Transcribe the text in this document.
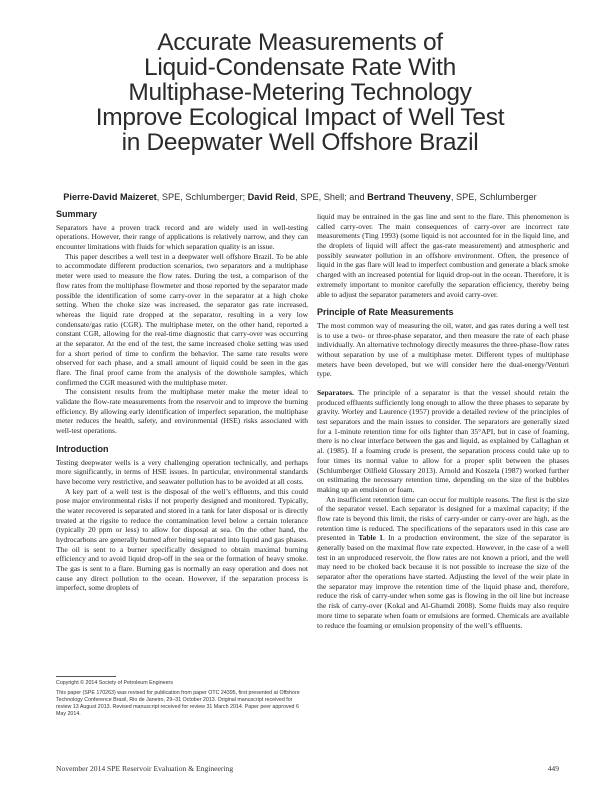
Accurate Measurements of
Liquid-Condensate Rate With
Multiphase-Metering Technology
Improve Ecological Impact of Well Test
in Deepwater Well Offshore Brazil
Pierre-David Maizeret, SPE, Schlumberger; David Reid, SPE, Shell; and Bertrand Theuveny, SPE, Schlumberger
Summary

Separators have a proven track record and are widely used in well-testing operations. However, their range of applications is relatively narrow, and they can encounter limitations with fluids for which separation quality is an issue.

This paper describes a well test in a deepwater well offshore Brazil. To be able to accommodate different production scenarios, two separators and a multiphase meter were used to measure the flow rates. During the test, a comparison of the flow rates from the multiphase flowmeter and those reported by the separator made possible the identification of some carry-over in the separator at a high choke setting. When the choke size was increased, the separator gas rate increased, whereas the liquid rate dropped at the separator, resulting in a very low condensate/gas ratio (CGR). The multiphase meter, on the other hand, reported a constant CGR, allowing for the real-time diagnostic that carry-over was occurring at the separator. At the end of the test, the same increased choke setting was used for a short period of time to confirm the behavior. The same rate results were observed for each phase, and a small amount of liquid could be seen in the gas flare. The final proof came from the analysis of the downhole samples, which confirmed the CGR measured with the multiphase meter.

The consistent results from the multiphase meter make the meter ideal to validate the flow-rate measurements from the reservoir and to improve the burning efficiency. By allowing early identification of imperfect separation, the multiphase meter reduces the health, safety, and environmental (HSE) risks associated with well-test operations.

Introduction

Testing deepwater wells is a very challenging operation technically, and perhaps more significantly, in terms of HSE issues. In particular, environmental standards have become very restrictive, and seawater pollution has to be avoided at all costs.

A key part of a well test is the disposal of the well’s effluents, and this could pose major environmental risks if not properly designed and monitored. Typically, the water recovered is separated and stored in a tank for later disposal or is directly treated at the rigsite to reduce the contamination level below a certain tolerance (typically 20 ppm or less) to allow for disposal at sea. On the other hand, the hydrocarbons are generally burned after being separated into liquid and gas phases. The oil is sent to a burner specifically designed to obtain maximal burning efficiency and to avoid liquid drop-off in the sea or the formation of heavy smoke. The gas is sent to a flare. Burning gas is normally an easy operation and does not cause any direct pollution to the ocean. However, if the separation process is imperfect, some droplets of

Copyright © 2014 Society of Petroleum Engineers

This paper (SPE 170263) was revised for publication from paper OTC 24395, first presented at Offshore Technology Conference Brasil, Rio de Janeiro, 29–31 October 2013. Original manuscript received for review 13 August 2013. Revised manuscript received for review 31 March 2014. Paper peer approved 6 May 2014.

liquid may be entrained in the gas line and sent to the flare. This phenomenon is called carry-over. The main consequences of carry-over are incorrect rate measurements (Ting 1993) (some liquid is not accounted for in the liquid line, and the droplets of liquid will affect the gas-rate measurement) and atmospheric and possibly seawater pollution in an offshore environment. Often, the presence of liquid in the gas flare will lead to imperfect combustion and generate a black smoke charged with an increased potential for liquid drop-out in the ocean. Therefore, it is extremely important to monitor carefully the separation efficiency, thereby being able to adjust the separator parameters and avoid carry-over.

Principle of Rate Measurements

The most common way of measuring the oil, water, and gas rates during a well test is to use a two- or three-phase separator, and then measure the rate of each phase individually. An alternative technology directly measures the three-phase-flow rates without separation by use of a multiphase meter. Different types of multiphase meters have been developed, but we will consider here the dual-energy/Venturi type.

Separators. The principle of a separator is that the vessel should retain the produced effluents sufficiently long enough to allow the three phases to separate by gravity. Worley and Laurence (1957) provide a detailed review of the principles of test separators and the main issues to consider. The separators are generally sized for a 1-minute retention time for oils lighter than 35°API, but in case of foaming, there is no clear interface between the gas and liquid, as explained by Callaghan et al. (1985). If a foaming crude is present, the separation process could take up to four times its normal value to allow for a proper split between the phases (Schlumberger Oilfield Glossary 2013). Arnold and Koszela (1987) worked further on estimating the necessary retention time, depending on the size of the bubbles making up an emulsion or foam.

An insufficient retention time can occur for multiple reasons. The first is the size of the separator vessel. Each separator is designed for a maximal capacity; if the flow rate is beyond this limit, the risks of carry-under or carry-over are high, as the retention time is reduced. The specifications of the separators used in this case are presented in Table 1. In a production environment, the size of the separator is generally based on the maximal flow rate expected. However, in the case of a well test in an unproduced reservoir, the flow rates are not known a priori, and the well may need to be choked back because it is not possible to increase the size of the separator after the operations have started. Adjusting the level of the weir plate in the separator may improve the retention time of the liquid phase and, therefore, reduce the risk of carry-under when some gas is flowing in the oil line but increase the risk of carry-over (Kokal and Al-Ghamdi 2008). Some fluids may also require more time to separate when foam or emulsions are formed. Chemicals are available to reduce the foaming or emulsion propensity of the well’s effluents.

November 2014 SPE Reservoir Evaluation & Engineering	449
